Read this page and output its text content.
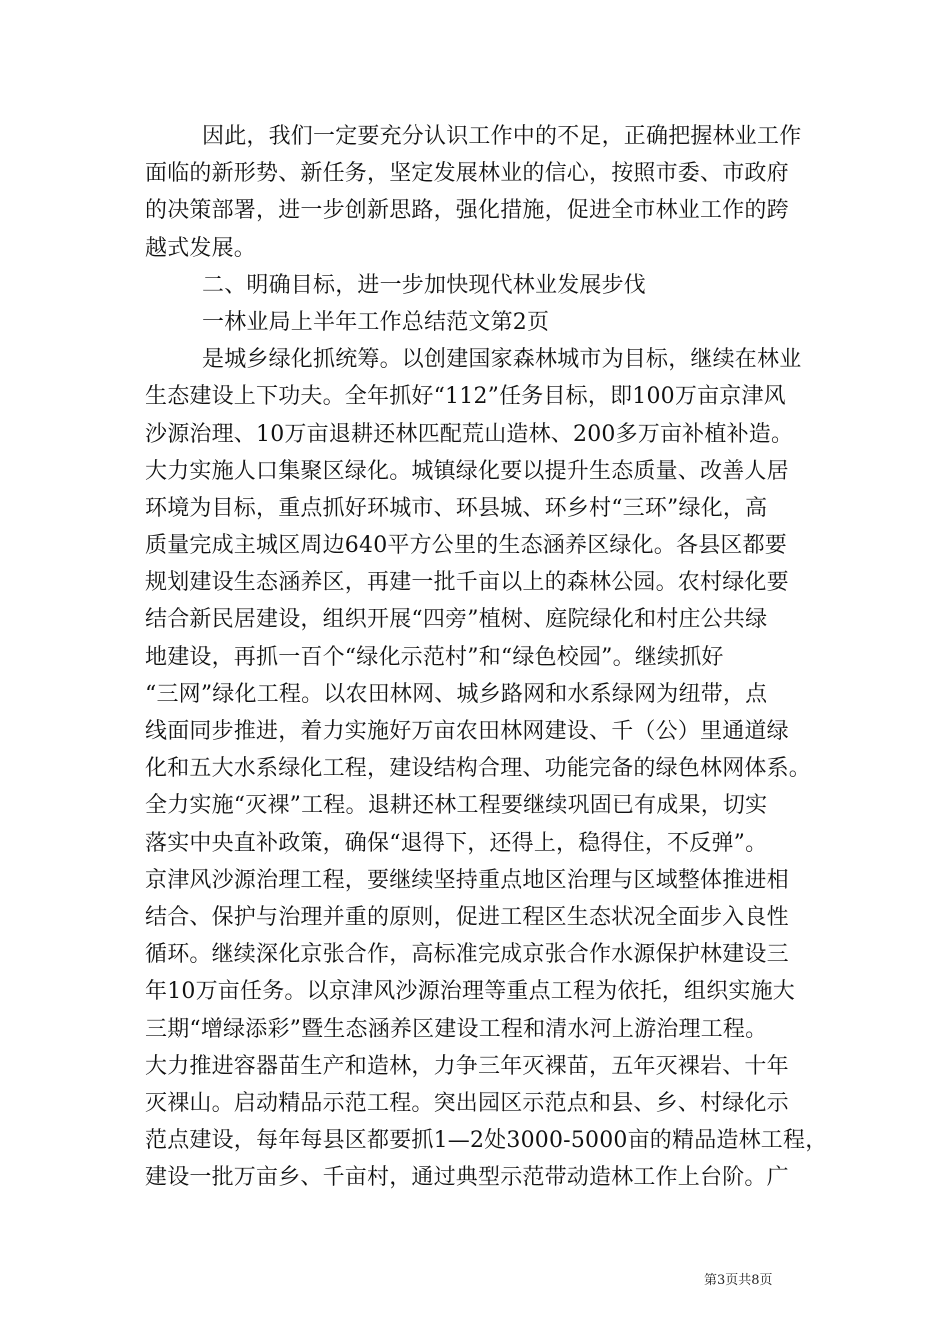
因此，我们一定要充分认识工作中的不足，正确把握林业工作
面临的新形势、新任务，坚定发展林业的信心，按照市委、市政府
的决策部署，进一步创新思路，强化措施，促进全市林业工作的跨
越式发展。
二、明确目标，进一步加快现代林业发展步伐
一林业局上半年工作总结范文第2页
是城乡绿化抓统筹。以创建国家森林城市为目标，继续在林业
生态建设上下功夫。全年抓好“112”任务目标，即100万亩京津风
沙源治理、10万亩退耕还林匹配荒山造林、200多万亩补植补造。
大力实施人口集聚区绿化。城镇绿化要以提升生态质量、改善人居
环境为目标，重点抓好环城市、环县城、环乡村“三环”绿化，高
质量完成主城区周边640平方公里的生态涵养区绿化。各县区都要
规划建设生态涵养区，再建一批千亩以上的森林公园。农村绿化要
结合新民居建设，组织开展“四旁”植树、庭院绿化和村庄公共绿
地建设，再抓一百个“绿化示范村”和“绿色校园”。继续抓好
“三网”绿化工程。以农田林网、城乡路网和水系绿网为纽带，点
线面同步推进，着力实施好万亩农田林网建设、千（公）里通道绿
化和五大水系绿化工程，建设结构合理、功能完备的绿色林网体系。
全力实施“灭裸”工程。退耕还林工程要继续巩固已有成果，切实
落实中央直补政策，确保“退得下，还得上，稳得住，不反弹”。
京津风沙源治理工程，要继续坚持重点地区治理与区域整体推进相
结合、保护与治理并重的原则，促进工程区生态状况全面步入良性
循环。继续深化京张合作，高标准完成京张合作水源保护林建设三
年10万亩任务。以京津风沙源治理等重点工程为依托，组织实施大
三期“增绿添彩”暨生态涵养区建设工程和清水河上游治理工程。
大力推进容器苗生产和造林，力争三年灭裸苗，五年灭裸岩、十年
灭裸山。启动精品示范工程。突出园区示范点和县、乡、村绿化示
范点建设，每年每县区都要抓1—2处3000-5000亩的精品造林工程，
建设一批万亩乡、千亩村，通过典型示范带动造林工作上台阶。广
第3页共8页
